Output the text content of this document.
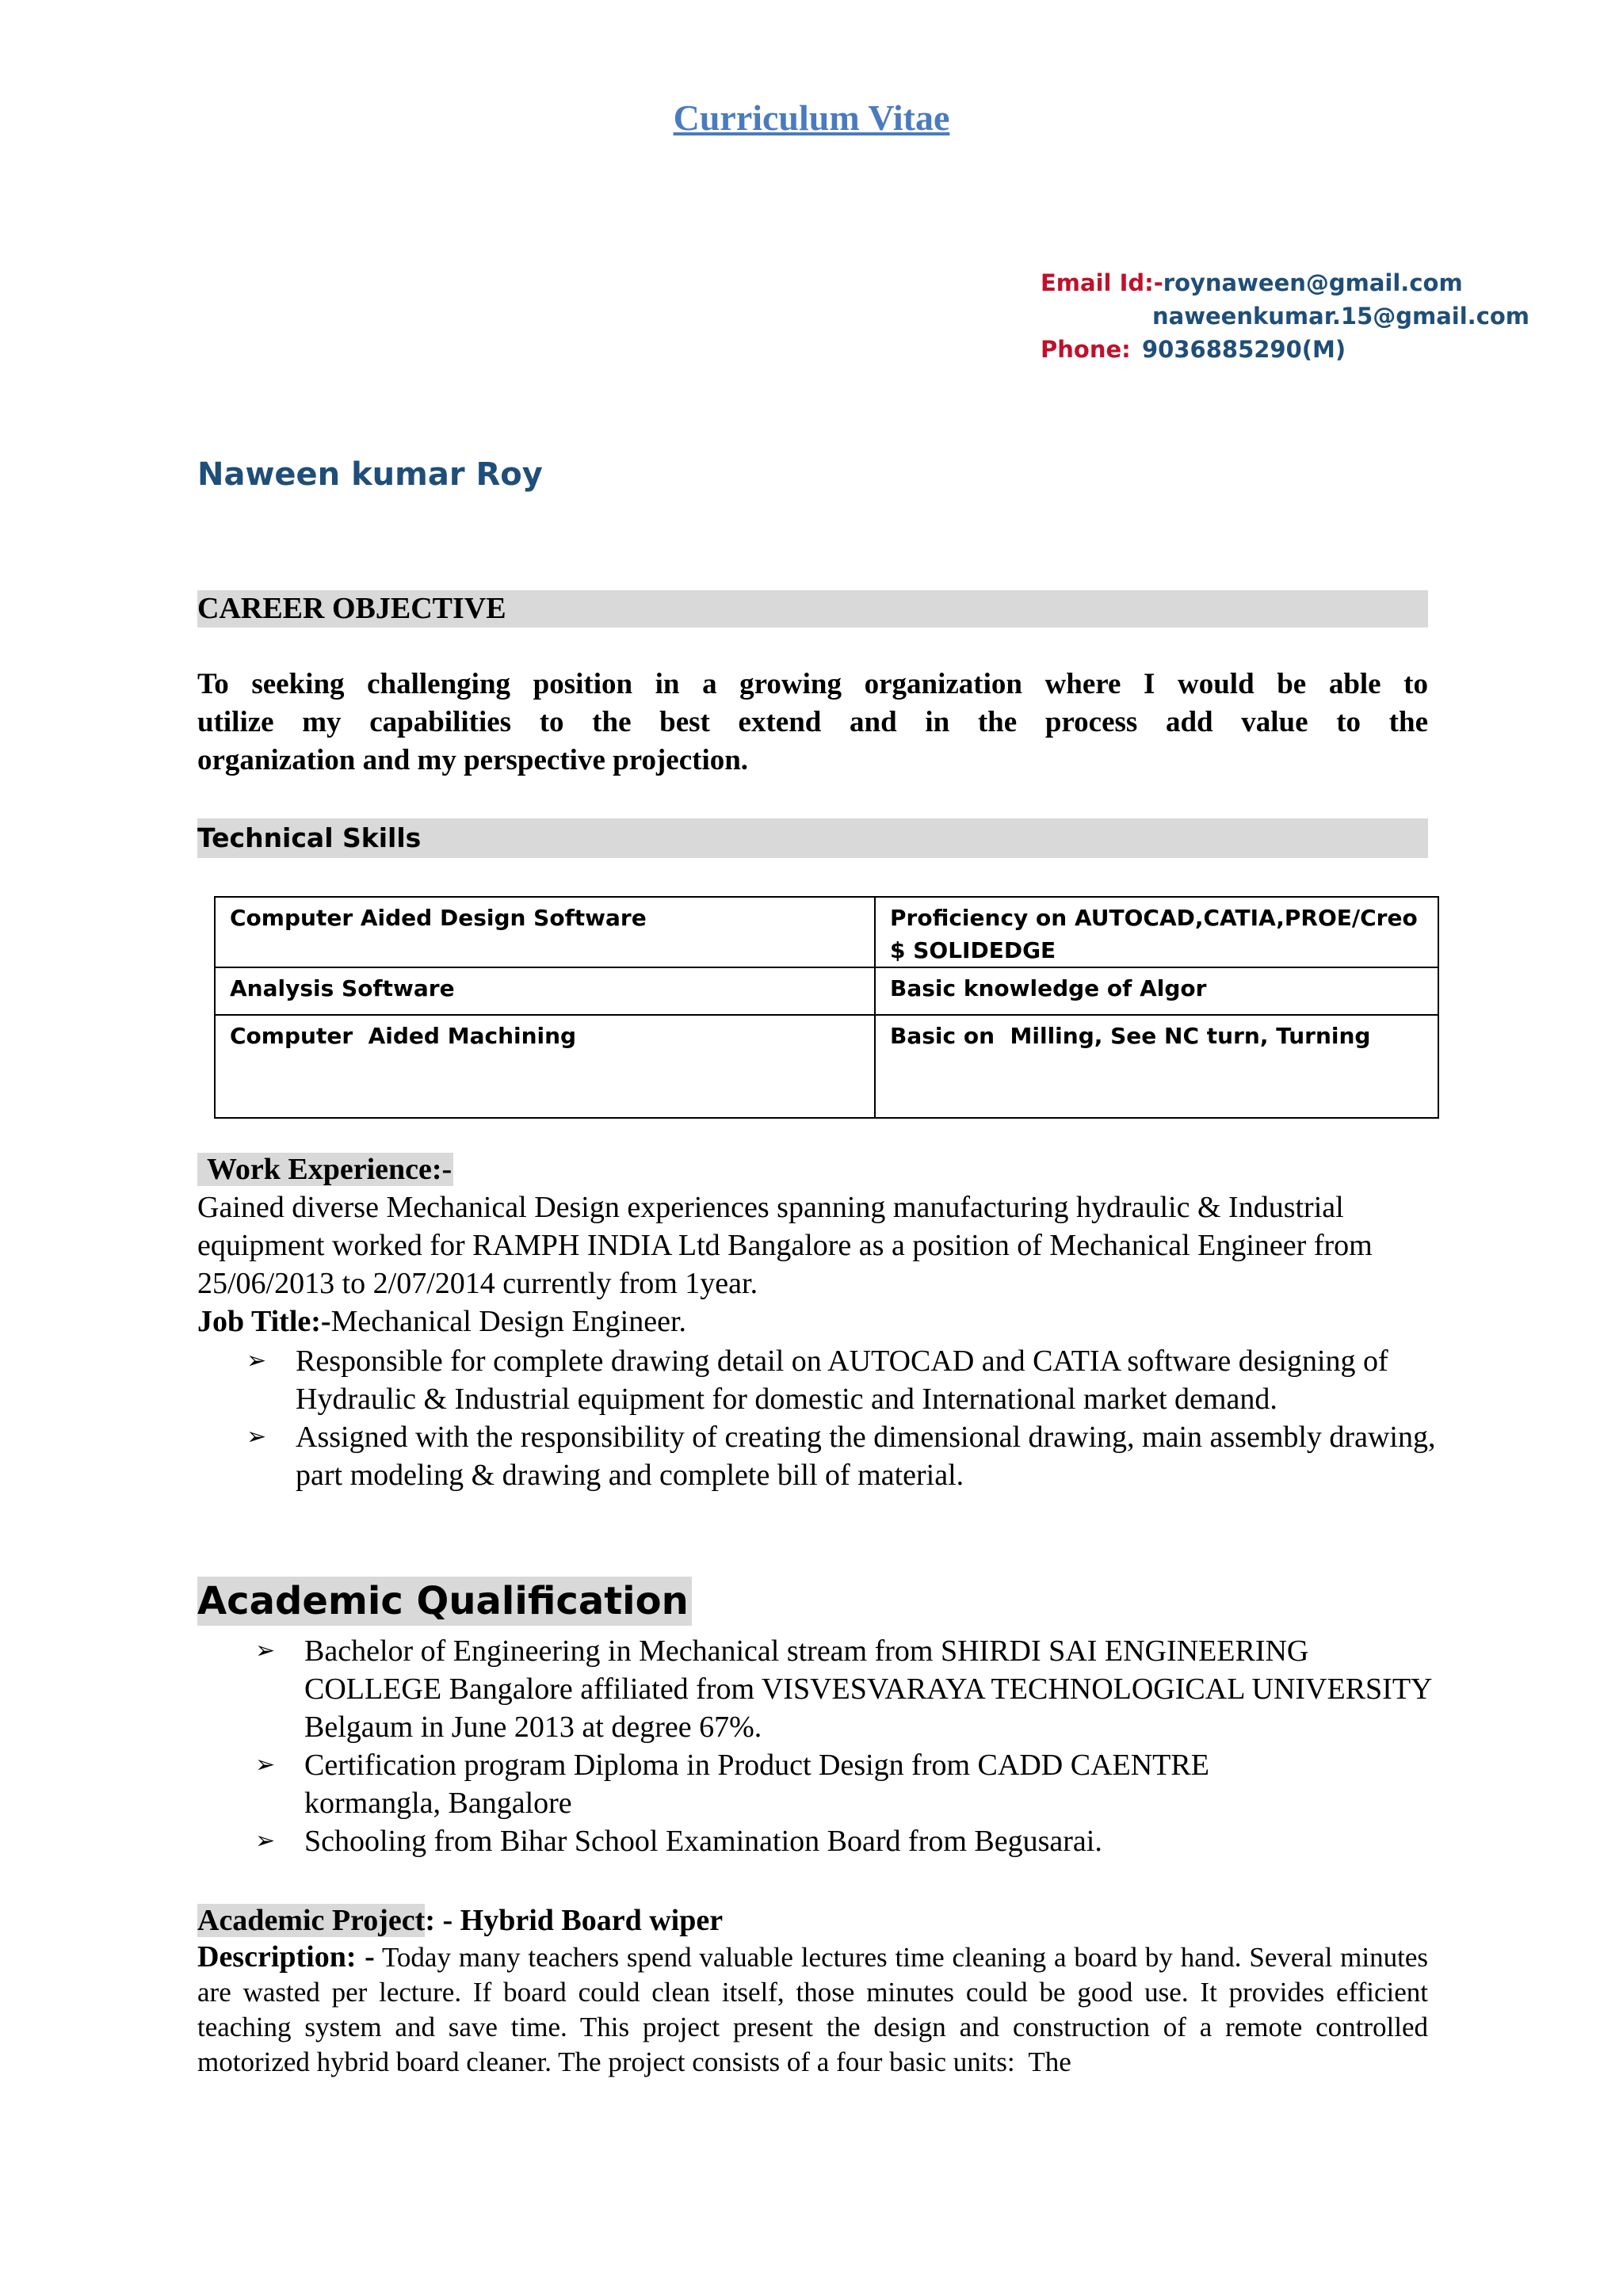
Curriculum Vitae
Email Id:-roynaween@gmail.com
naweenkumar.15@gmail.com
Phone: 9036885290(M)
Naween kumar Roy
CAREER OBJECTIVE
To seeking challenging position in a growing organization where I would be able to
utilize my capabilities to the best extend and in the process add value to the
organization and my perspective projection.
Technical Skills
Computer Aided Design Software	Proficiency on AUTOCAD,CATIA,PROE/Creo $ SOLIDEDGE
Analysis Software	Basic knowledge of Algor
Computer  Aided Machining	Basic on  Milling, See NC turn, Turning
Work Experience:-
Gained diverse Mechanical Design experiences spanning manufacturing hydraulic & Industrial equipment worked for RAMPH INDIA Ltd Bangalore as a position of Mechanical Engineer from 25/06/2013 to 2/07/2014 currently from 1year.
Job Title:-Mechanical Design Engineer.
➢ Responsible for complete drawing detail on AUTOCAD and CATIA software designing of Hydraulic & Industrial equipment for domestic and International market demand.
➢ Assigned with the responsibility of creating the dimensional drawing, main assembly drawing, part modeling & drawing and complete bill of material.
Academic Qualification
➢ Bachelor of Engineering in Mechanical stream from SHIRDI SAI ENGINEERING COLLEGE Bangalore affiliated from VISVESVARAYA TECHNOLOGICAL UNIVERSITY Belgaum in June 2013 at degree 67%.
➢ Certification program Diploma in Product Design from CADD CAENTRE kormangla, Bangalore
➢ Schooling from Bihar School Examination Board from Begusarai.
Academic Project: - Hybrid Board wiper
Description: - Today many teachers spend valuable lectures time cleaning a board by hand. Several minutes are wasted per lecture. If board could clean itself, those minutes could be good use. It provides efficient teaching system and save time. This project present the design and construction of a remote controlled motorized hybrid board cleaner. The project consists of a four basic units:  The
